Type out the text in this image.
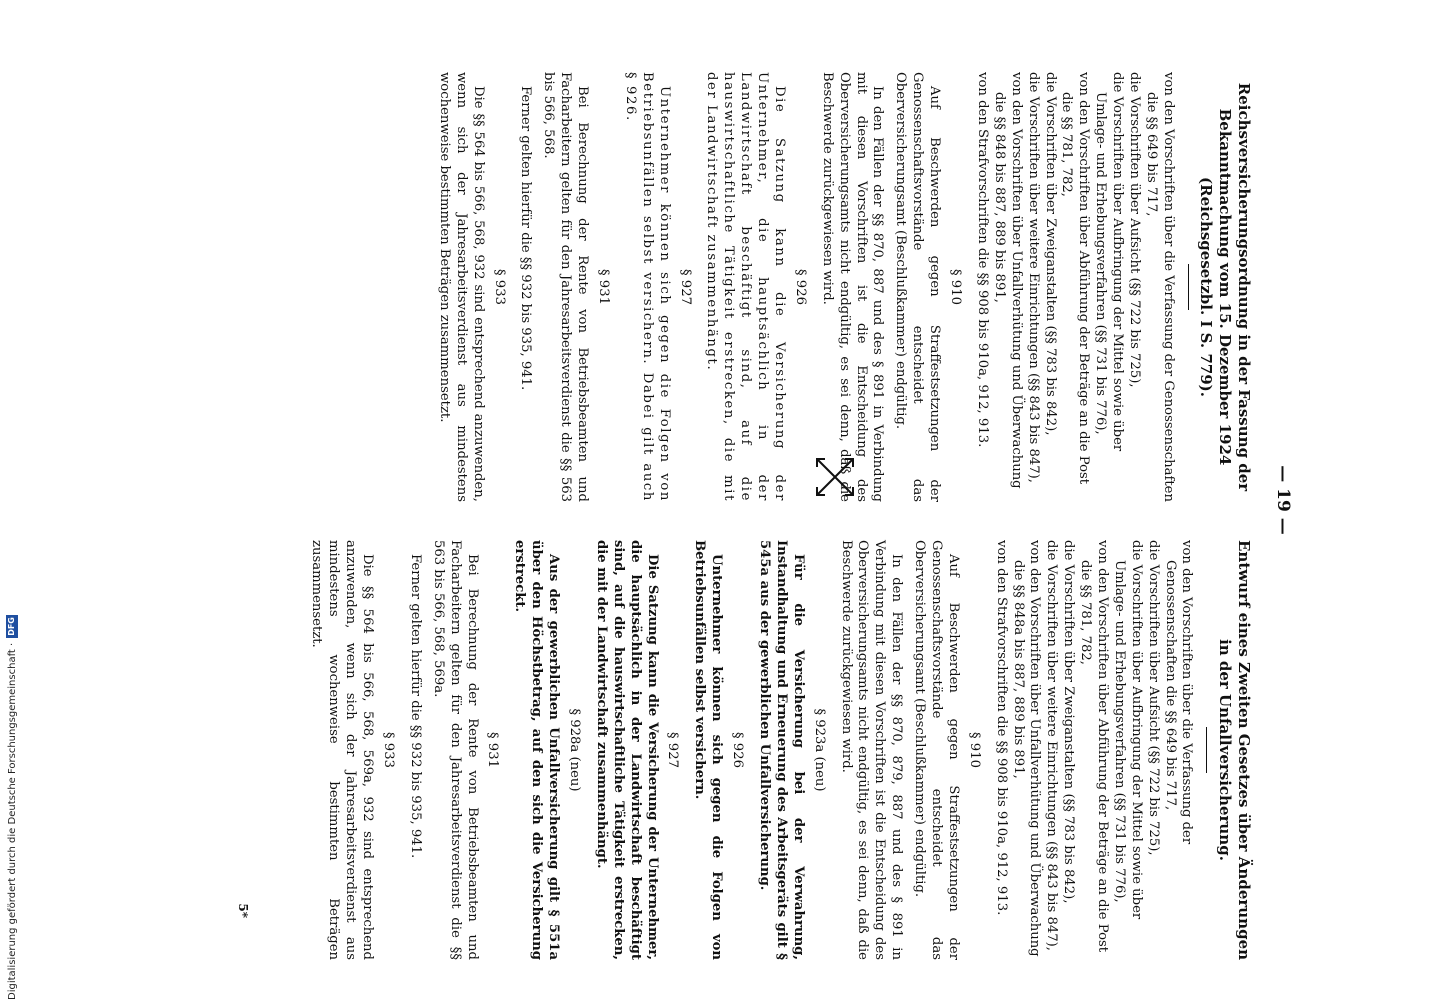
— 19 —
Reichsversicherungsordnung in der Fassung der Bekanntmachung vom 15. Dezember 1924 (Reichsgesetzbl. I S. 779).
von den Vorschriften über die Verfassung der Genossenschaften die §§ 649 bis 717,
die Vorschriften über Aufsicht (§§ 722 bis 725),
die Vorschriften über Aufbringung der Mittel sowie über Umlage- und Erhebungsverfahren (§§ 731 bis 776),
von den Vorschriften über Abführung der Beträge an die Post die §§ 781, 782,
die Vorschriften über Zweiganstalten (§§ 783 bis 842),
die Vorschriften über weitere Einrichtungen (§§ 843 bis 847),
von den Vorschriften über Unfallverhütung und Überwachung die §§ 848 bis 887, 889 bis 891,
von den Strafvorschriften die §§ 908 bis 910a, 912, 913.
§ 910

Auf Beschwerden gegen Straffestsetzungen der Genossenschaftsvorstände entscheidet das Oberversicherungsamt (Beschlußkammer) endgültig.

In den Fällen der §§ 870, 887 und des § 891 in Verbindung mit diesen Vorschriften ist die Entscheidung des Oberversicherungsamts nicht endgültig, es sei denn, daß die Beschwerde zurückgewiesen wird.

§ 926

Die Satzung kann die Versicherung der Unternehmer, die hauptsächlich in der Landwirtschaft beschäftigt sind, auf die hauswirtschaftliche Tätigkeit erstrecken, die mit der Landwirtschaft zusammenhängt.

§ 927

Unternehmer können sich gegen die Folgen von Betriebsunfällen selbst versichern. Dabei gilt auch § 926.

§ 931

Bei Berechnung der Rente von Betriebsbeamten und Facharbeitern gelten für den Jahresarbeitsverdienst die §§ 563 bis 566, 568.

Ferner gelten hierfür die §§ 932 bis 935, 941.

§ 933

Die §§ 564 bis 566, 568, 932 sind entsprechend anzuwenden, wenn sich der Jahresarbeitsverdienst aus mindestens wochenweise bestimmten Beträgen zusammensetzt.

Entwurf eines Zweiten Gesetzes über Änderungen in der Unfallversicherung.
von den Vorschriften über die Verfassung der Genossenschaften die §§ 649 bis 717,
die Vorschriften über Aufsicht (§§ 722 bis 725),
die Vorschriften über Aufbringung der Mittel sowie über Umlage- und Erhebungsverfahren (§§ 731 bis 776),
von den Vorschriften über Abführung der Beträge an die Post die §§ 781, 782,
die Vorschriften über Zweiganstalten (§§ 783 bis 842),
die Vorschriften über weitere Einrichtungen (§§ 843 bis 847),
von den Vorschriften über Unfallverhütung und Überwachung die §§ 848a bis 887, 889 bis 891,
von den Strafvorschriften die §§ 908 bis 910a, 912, 913.
§ 910

Auf Beschwerden gegen Straffestsetzungen der Genossenschaftsvorstände entscheidet das Oberversicherungsamt (Beschlußkammer) endgültig.

In den Fällen der §§ 870, 879, 887 und des § 891 in Verbindung mit diesen Vorschriften ist die Entscheidung des Oberversicherungsamts nicht endgültig, es sei denn, daß die Beschwerde zurückgewiesen wird.

§ 923a (neu)

Für die Versicherung bei der Verwahrung, Instandhaltung und Erneuerung des Arbeitsgeräts gilt § 545a aus der gewerblichen Unfallversicherung.

§ 926

Unternehmer können sich gegen die Folgen von Betriebsunfällen selbst versichern.

§ 927

Die Satzung kann die Versicherung der Unternehmer, die hauptsächlich in der Landwirtschaft beschäftigt sind, auf die hauswirtschaftliche Tätigkeit erstrecken, die mit der Landwirtschaft zusammenhängt.

§ 928a (neu)

Aus der gewerblichen Unfallversicherung gilt § 551a über den Höchstbetrag, auf den sich die Versicherung erstreckt.

§ 931

Bei Berechnung der Rente von Betriebsbeamten und Facharbeitern gelten für den Jahresarbeitsverdienst die §§ 563 bis 566, 568, 569a.

Ferner gelten hierfür die §§ 932 bis 935, 941.

§ 933

Die §§ 564 bis 566, 568, 569a, 932 sind entsprechend anzuwenden, wenn sich der Jahresarbeitsverdienst aus mindestens wochenweise bestimmten Beträgen zusammensetzt.

5*
Digitalisierung gefördert durch die Deutsche Forschungsgemeinschaft ·
DFG
